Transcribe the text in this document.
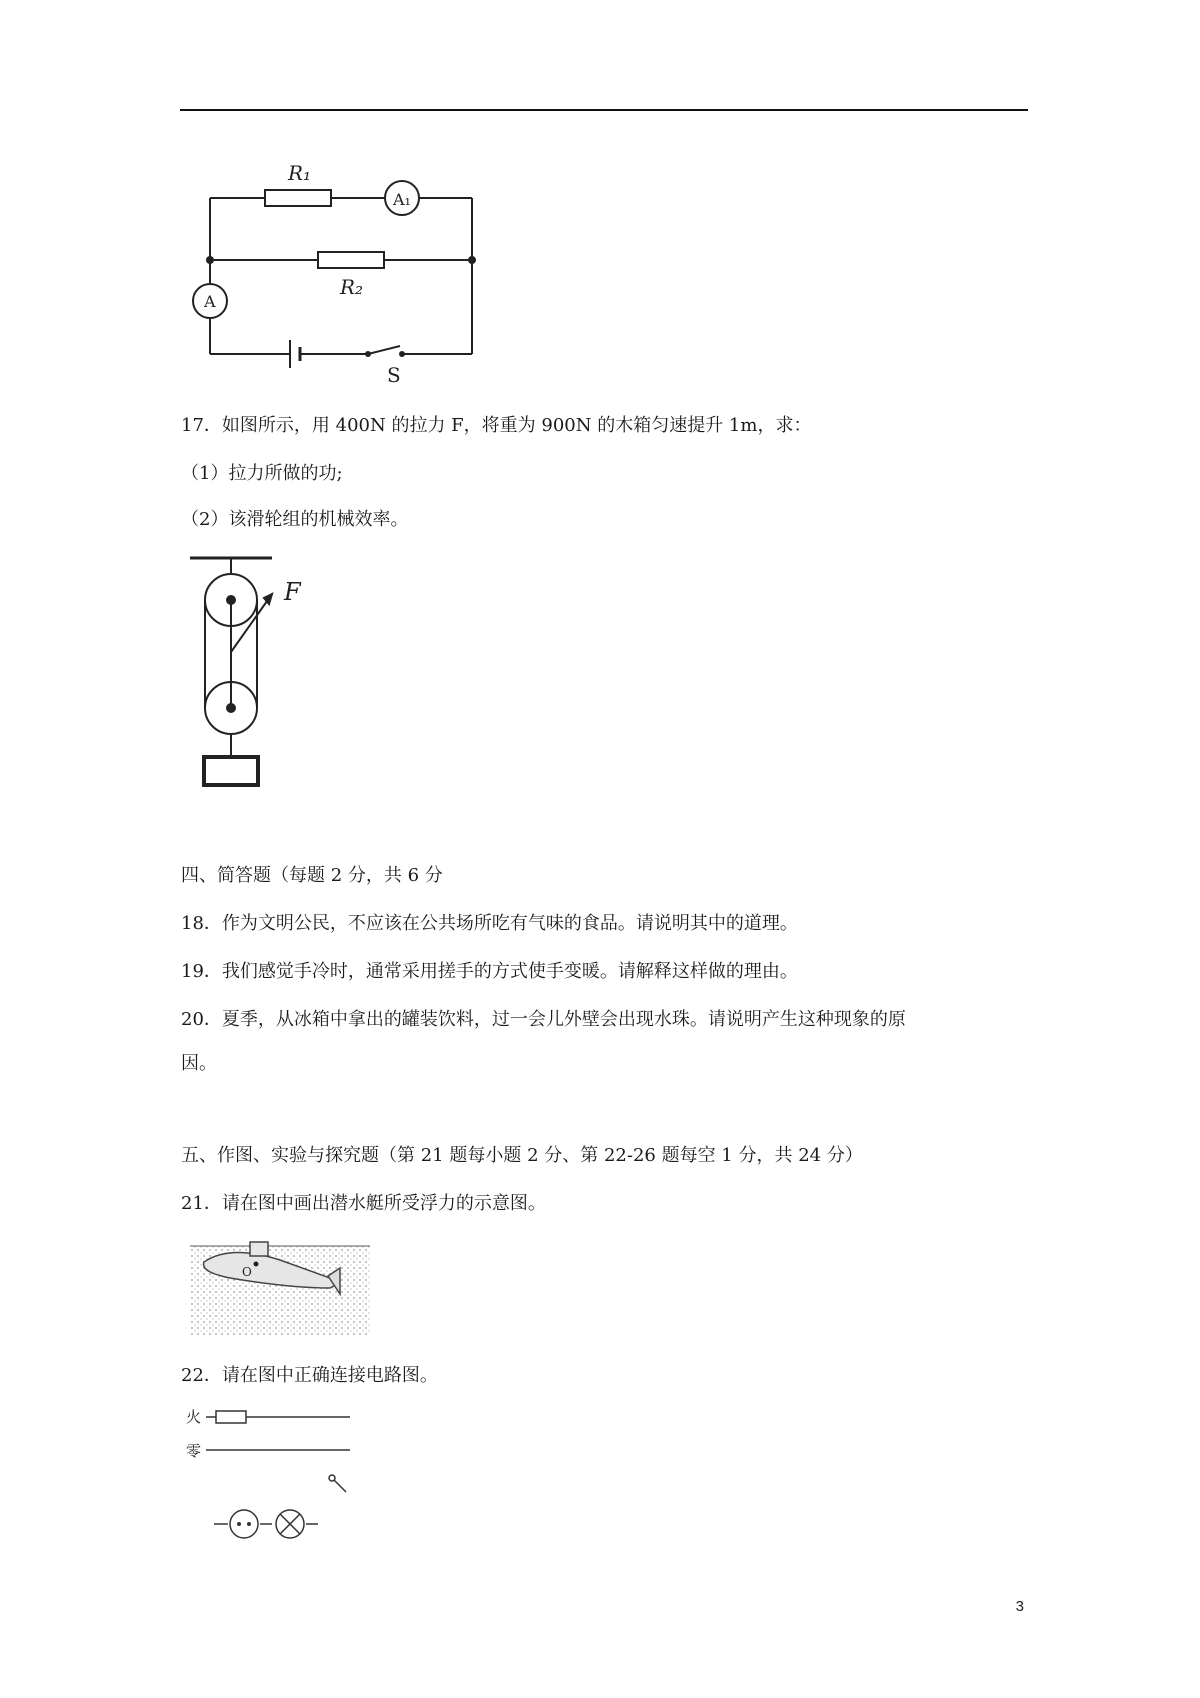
R₁
R₂
A₁
A
S
17．如图所示，用 400N 的拉力 F，将重为 900N 的木箱匀速提升 1m，求：
（1）拉力所做的功;
（2）该滑轮组的机械效率。
F
四、简答题（每题 2 分，共 6 分
18．作为文明公民，不应该在公共场所吃有气味的食品。请说明其中的道理。
19．我们感觉手冷时，通常采用搓手的方式使手变暖。请解释这样做的理由。
20．夏季，从冰箱中拿出的罐装饮料，过一会儿外壁会出现水珠。请说明产生这种现象的原
因。
五、作图、实验与探究题（第 21 题每小题 2 分、第 22-26 题每空 1 分，共 24 分）
21．请在图中画出潜水艇所受浮力的示意图。
O
22．请在图中正确连接电路图。
火
零
3
